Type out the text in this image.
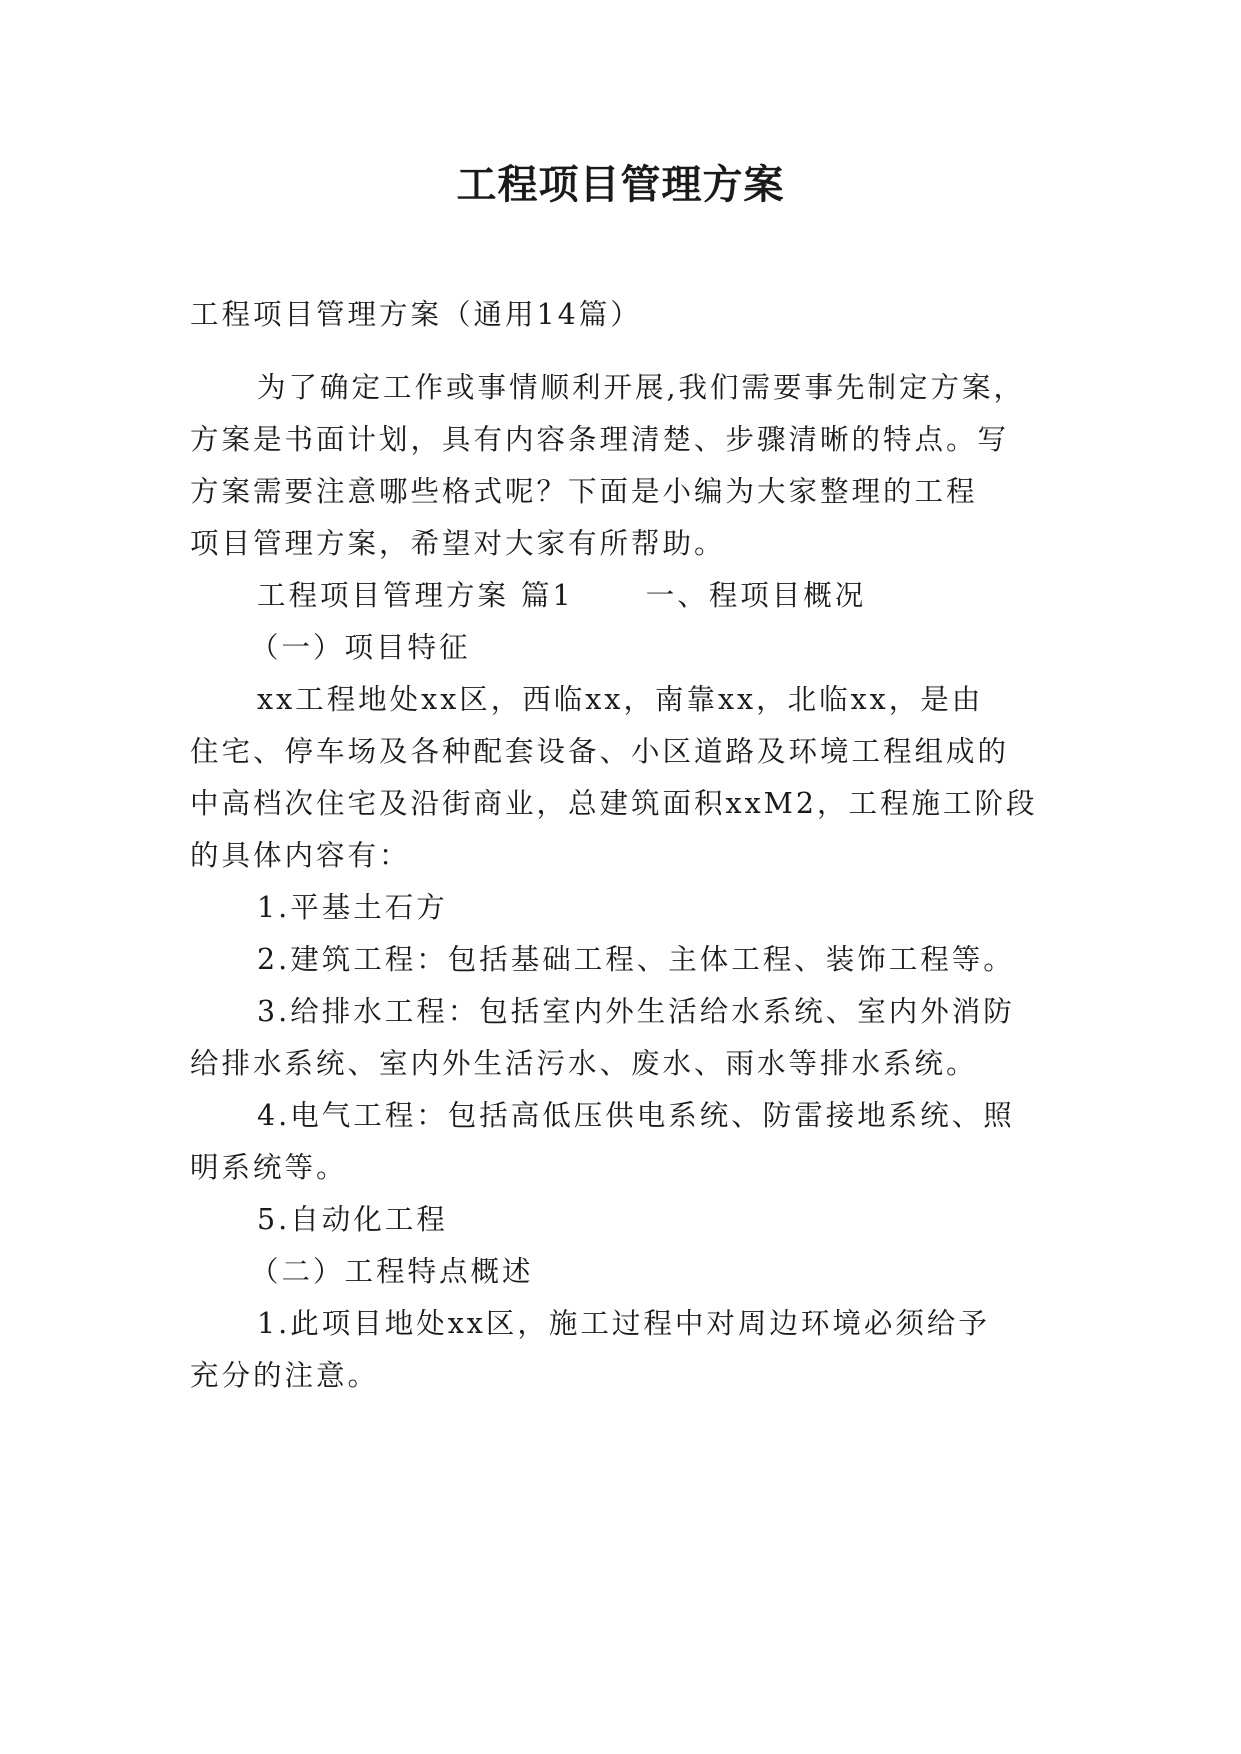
工程项目管理方案
工程项目管理方案（通用14篇）
为了确定工作或事情顺利开展,我们需要事先制定方案，
方案是书面计划，具有内容条理清楚、步骤清晰的特点。写
方案需要注意哪些格式呢？下面是小编为大家整理的工程
项目管理方案，希望对大家有所帮助。
工程项目管理方案 篇1	一、程项目概况
（一）项目特征
xx工程地处xx区，西临xx，南靠xx，北临xx，是由
住宅、停车场及各种配套设备、小区道路及环境工程组成的
中高档次住宅及沿街商业，总建筑面积xxM2，工程施工阶段
的具体内容有：
1.平基土石方
2.建筑工程：包括基础工程、主体工程、装饰工程等。
3.给排水工程：包括室内外生活给水系统、室内外消防
给排水系统、室内外生活污水、废水、雨水等排水系统。
4.电气工程：包括高低压供电系统、防雷接地系统、照
明系统等。
5.自动化工程
（二）工程特点概述
1.此项目地处xx区，施工过程中对周边环境必须给予
充分的注意。
